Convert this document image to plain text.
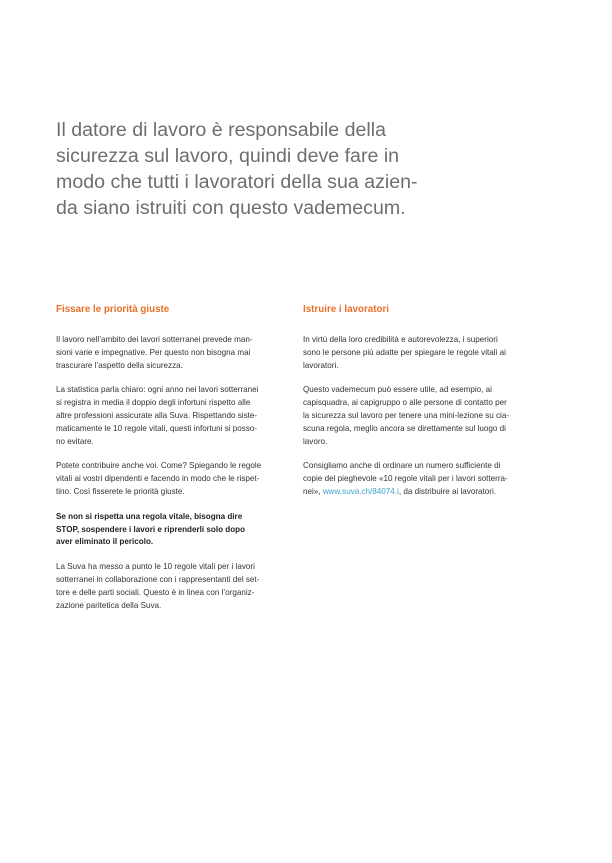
Il datore di lavoro è responsabile della
sicurezza sul lavoro, quindi deve fare in
modo che tutti i lavoratori della sua azien-
da siano istruiti con questo vademecum.
Fissare le priorità giuste

Il lavoro nell’ambito dei lavori sotterranei prevede man-
sioni varie e impegnative. Per questo non bisogna mai
trascurare l’aspetto della sicurezza.

La statistica parla chiaro: ogni anno nei lavori sotterranei
si registra in media il doppio degli infortuni rispetto alle
altre professioni assicurate alla Suva. Rispettando siste-
maticamente le 10 regole vitali, questi infortuni si posso-
no evitare.

Potete contribuire anche voi. Come? Spiegando le regole
vitali ai vostri dipendenti e facendo in modo che le rispet-
tino. Così fisserete le priorità giuste.

Se non si rispetta una regola vitale, bisogna dire
STOP, sospendere i lavori e riprenderli solo dopo
aver eliminato il pericolo.

La Suva ha messo a punto le 10 regole vitali per i lavori
sotterranei in collaborazione con i rappresentanti del set-
tore e delle parti sociali. Questo è in linea con l’organiz-
zazione paritetica della Suva.

Istruire i lavoratori

In virtù della loro credibilità e autorevolezza, i superiori
sono le persone più adatte per spiegare le regole vitali ai
lavoratori.

Questo vademecum può essere utile, ad esempio, ai
capisquadra, ai capigruppo o alle persone di contatto per
la sicurezza sul lavoro per tenere una mini-lezione su cia-
scuna regola, meglio ancora se direttamente sul luogo di
lavoro.

Consigliamo anche di ordinare un numero sufficiente di
copie del pieghevole «10 regole vitali per i lavori sotterra-
nei», www.suva.ch/84074.i, da distribuire ai lavoratori.
